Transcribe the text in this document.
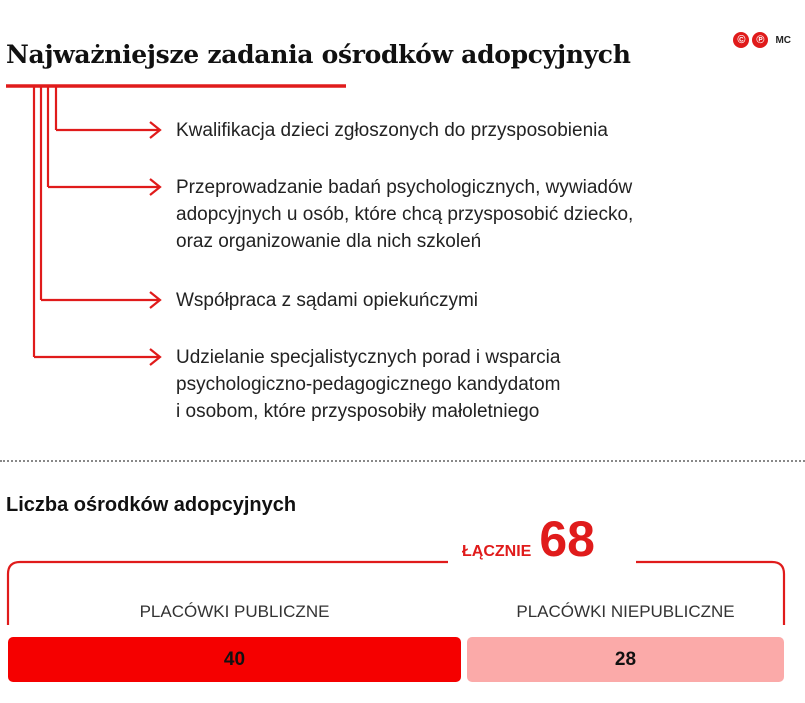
Najważniejsze zadania ośrodków adopcyjnych	© ℗	MC
Kwalifikacja dzieci zgłoszonych do przysposobienia
Przeprowadzanie badań psychologicznych, wywiadów
adopcyjnych u osób, które chcą przysposobić dziecko,
oraz organizowanie dla nich szkoleń
Współpraca z sądami opiekuńczymi
Udzielanie specjalistycznych porad i wsparcia
psychologiczno-pedagogicznego kandydatom
i osobom, które przysposobiły małoletniego
Liczba ośrodków adopcyjnych
ŁĄCZNIE 68
40
PLACÓWKI PUBLICZNE
28
PLACÓWKI NIEPUBLICZNE
